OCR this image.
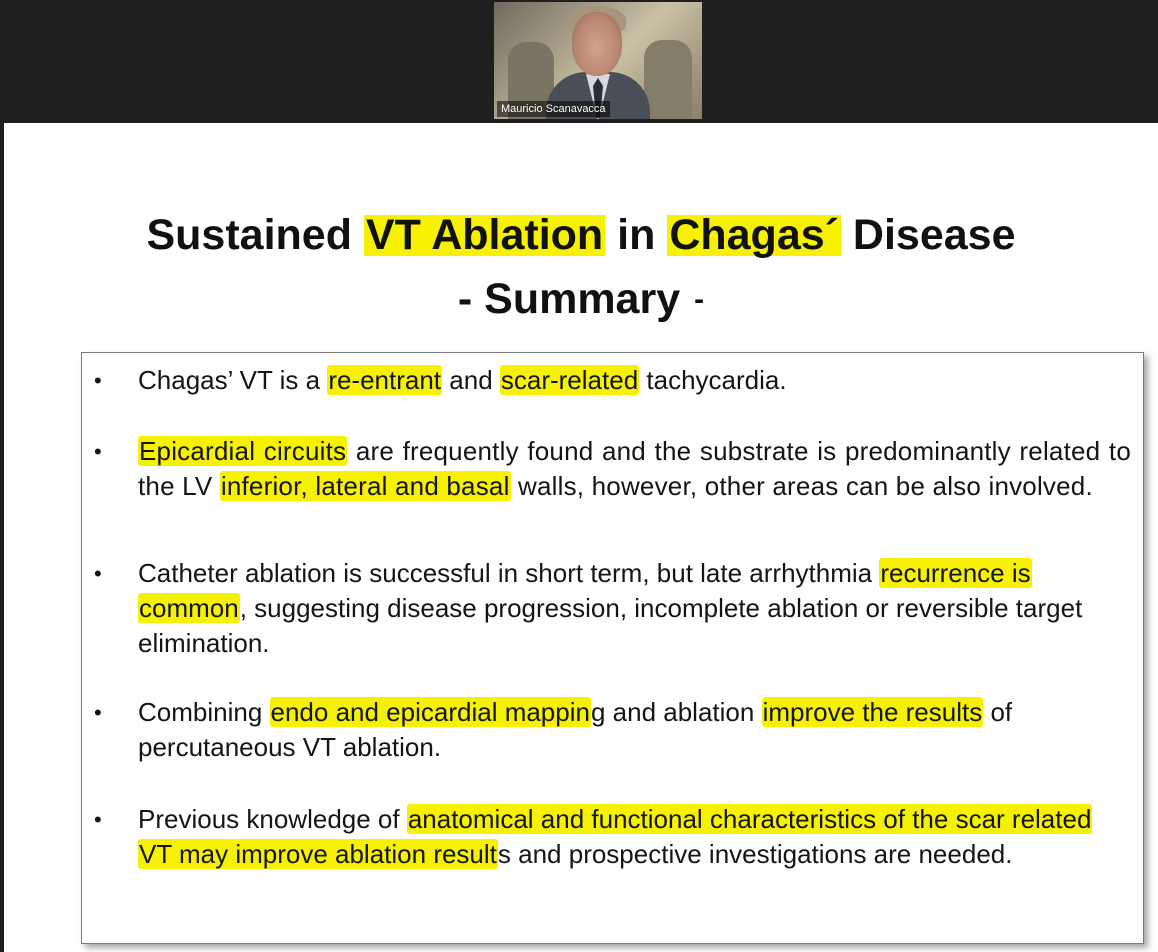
Mauricio Scanavacca
Sustained VT Ablation in Chagas´ Disease
- Summary -
• Chagas’ VT is a re-entrant and scar-related tachycardia.
• Epicardial circuits are frequently found and the substrate is predominantly related to the LV inferior, lateral and basal walls, however, other areas can be also involved.
• Catheter ablation is successful in short term, but late arrhythmia recurrence is common, suggesting disease progression, incomplete ablation or reversible target elimination.
• Combining endo and epicardial mapping and ablation improve the results of percutaneous VT ablation.
• Previous knowledge of anatomical and functional characteristics of the scar related VT may improve ablation results and prospective investigations are needed.
